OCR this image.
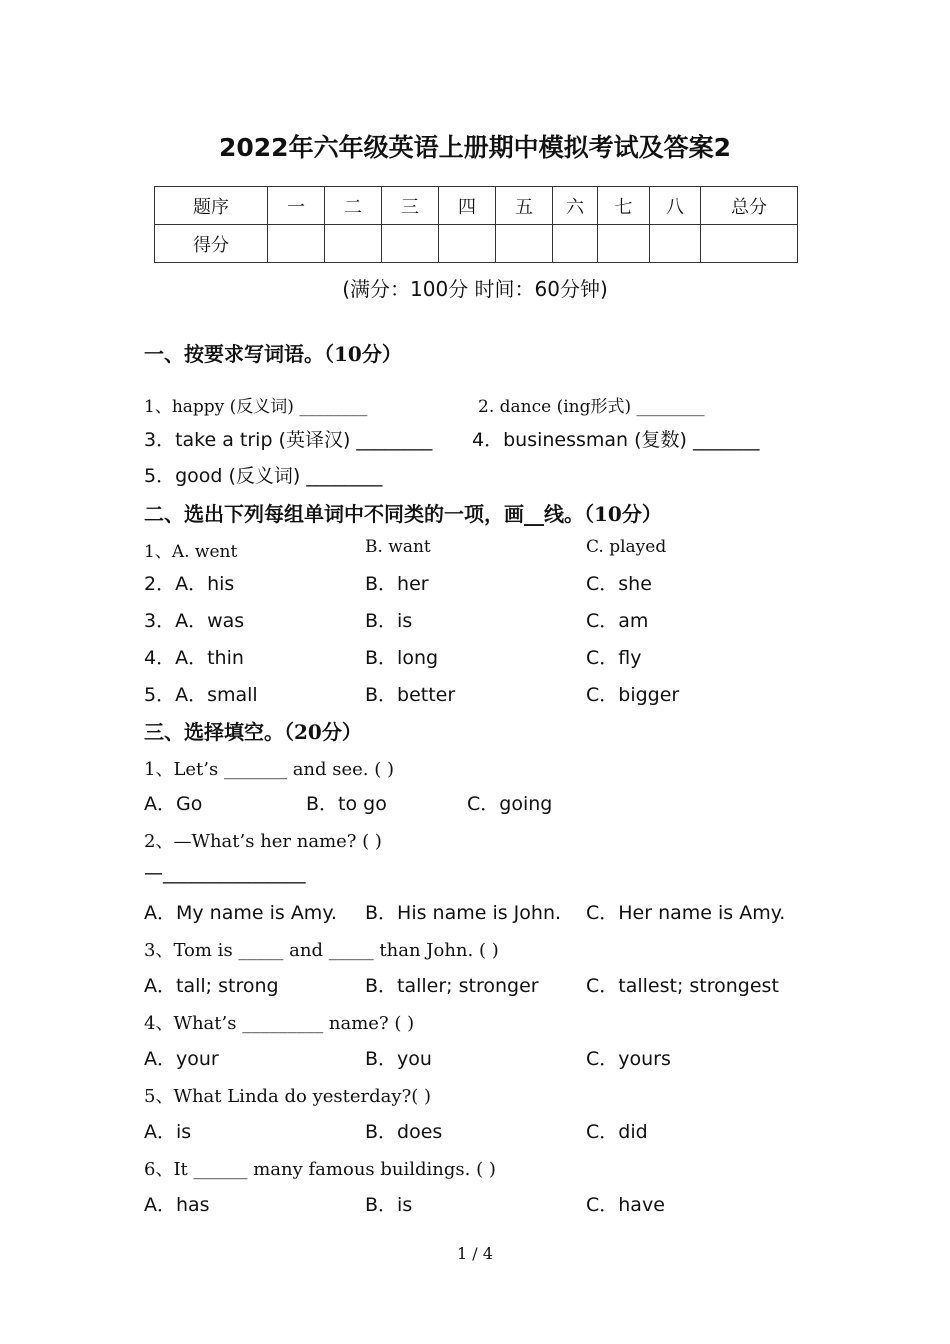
2022年六年级英语上册期中模拟考试及答案2
题序	一	二	三	四	五	六	七	八	总分
得分									
(满分：100分 时间：60分钟)
一、按要求写词语。（10分）
1、happy (反义词) ________	2. dance (ing形式) ________
3．take a trip (英译汉) ________ 4．businessman (复数) _______
5．good (反义词) ________
二、选出下列每组单词中不同类的一项，画__线。（10分）
1、A. went	B. want	C. played
2．A．his	B．her	C．she
3．A．was	B．is	C．am
4．A．thin	B．long	C．fly
5．A．small	B．better	C．bigger
三、选择填空。（20分）
1、Let’s _______ and see. ( )
A．Go	B．to go	C．going
2、—What’s her name? ( )
—_______________
A．My name is Amy. B．His name is John. C．Her name is Amy.
3、Tom is _____ and _____ than John. ( )
A．tall; strong	B．taller; stronger C．tallest; strongest
4、What’s _________ name? ( )
A．your	B．you	C．yours
5、What Linda do yesterday?( )
A．is	B．does	C．did
6、It ______ many famous buildings. ( )
A．has	B．is	C．have
1 / 4
